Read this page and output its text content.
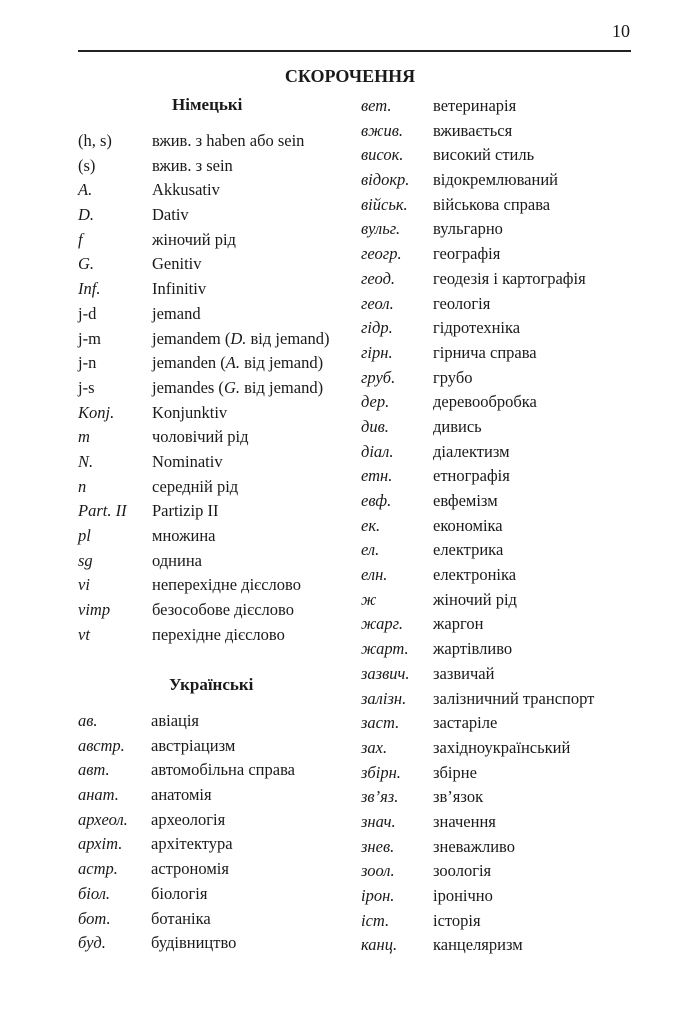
10
СКОРОЧЕННЯ
Німецькі
(h, s)	вжив. з haben або sein
(s)	вжив. з sein
A.	Akkusativ
D.	Dativ
f	жіночий рід
G.	Genitiv
Inf.	Infinitiv
j-d	jemand
j-m	jemandem (D. від jemand)
j-n	jemanden (A. від jemand)
j-s	jemandes (G. від jemand)
Konj.	Konjunktiv
m	чоловічий рід
N.	Nominativ
n	середній рід
Part. II	Partizip II
pl	множина
sg	однина
vi	неперехідне дієслово
vimp	безособове дієслово
vt	перехідне дієслово
Українські
ав.	авіація
австр.	австріацизм
авт.	автомобільна справа
анат.	анатомія
археол.	археологія
архіт.	архітектура
астр.	астрономія
біол.	біологія
бот.	ботаніка
буд.	будівництво
вет.	ветеринарія
вжив.	вживається
висок.	високий стиль
відокр.	відокремлюваний
військ.	військова справа
вульг.	вульгарно
геогр.	географія
геод.	геодезія і картографія
геол.	геологія
гідр.	гідротехніка
гірн.	гірнича справа
груб.	грубо
дер.	деревообробка
див.	дивись
діал.	діалектизм
етн.	етнографія
евф.	евфемізм
ек.	економіка
ел.	електрика
елн.	електроніка
ж	жіночий рід
жарг.	жаргон
жарт.	жартівливо
зазвич.	зазвичай
залізн.	залізничний транспорт
заст.	застаріле
зах.	західноукраїнський
збірн.	збірне
зв’яз.	зв’язок
знач.	значення
знев.	зневажливо
зоол.	зоологія
ірон.	іронічно
іст.	історія
канц.	канцеляризм
